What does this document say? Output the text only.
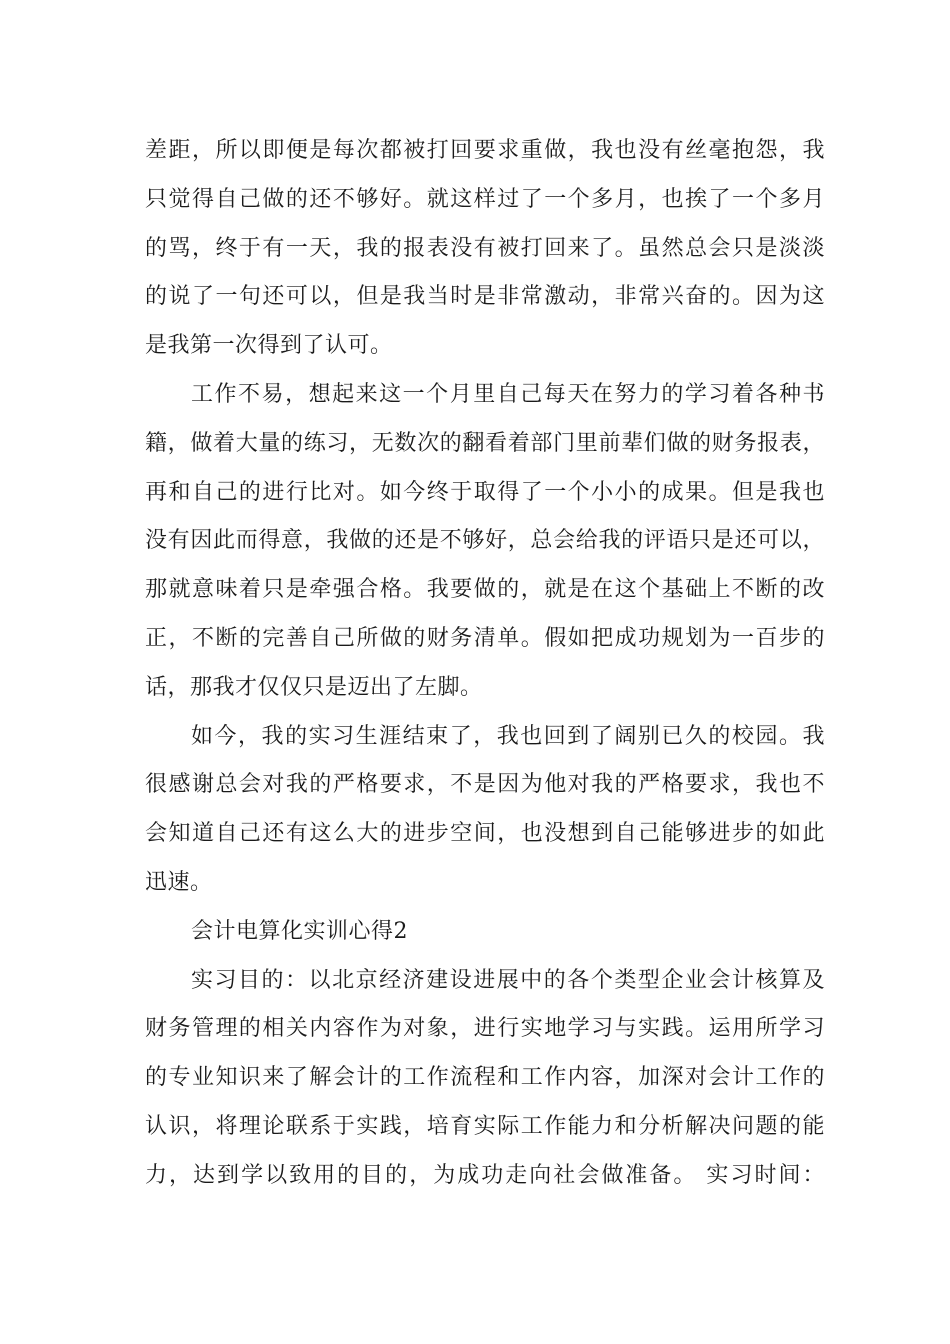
差距，所以即便是每次都被打回要求重做，我也没有丝毫抱怨，我
只觉得自己做的还不够好。就这样过了一个多月，也挨了一个多月
的骂，终于有一天，我的报表没有被打回来了。虽然总会只是淡淡
的说了一句还可以，但是我当时是非常激动，非常兴奋的。因为这
是我第一次得到了认可。
工作不易，想起来这一个月里自己每天在努力的学习着各种书
籍，做着大量的练习，无数次的翻看着部门里前辈们做的财务报表，
再和自己的进行比对。如今终于取得了一个小小的成果。但是我也
没有因此而得意，我做的还是不够好，总会给我的评语只是还可以，
那就意味着只是牵强合格。我要做的，就是在这个基础上不断的改
正，不断的完善自己所做的财务清单。假如把成功规划为一百步的
话，那我才仅仅只是迈出了左脚。
如今，我的实习生涯结束了，我也回到了阔别已久的校园。我
很感谢总会对我的严格要求，不是因为他对我的严格要求，我也不
会知道自己还有这么大的进步空间，也没想到自己能够进步的如此
迅速。
会计电算化实训心得2
实习目的：以北京经济建设进展中的各个类型企业会计核算及
财务管理的相关内容作为对象，进行实地学习与实践。运用所学习
的专业知识来了解会计的工作流程和工作内容，加深对会计工作的
认识，将理论联系于实践，培育实际工作能力和分析解决问题的能
力，达到学以致用的目的，为成功走向社会做准备。 实习时间：
